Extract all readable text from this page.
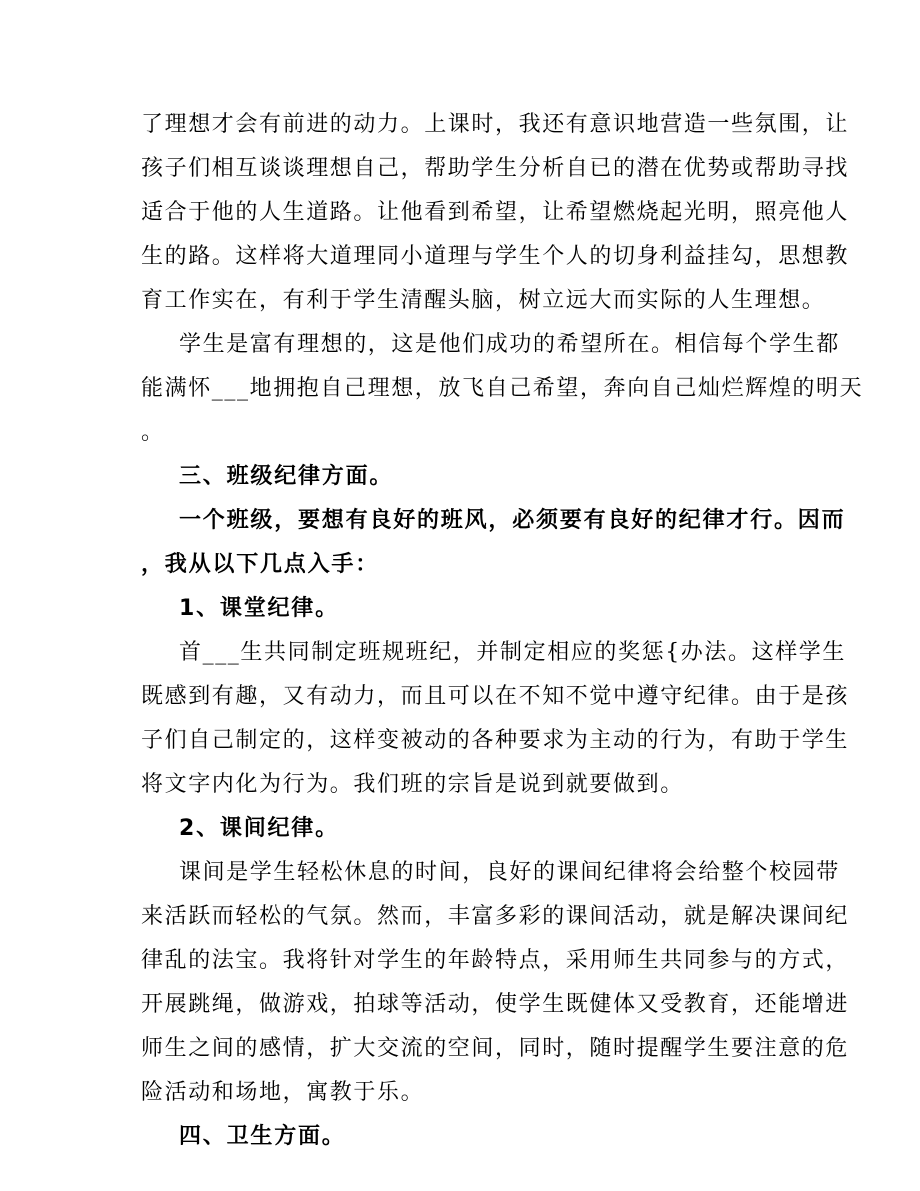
了理想才会有前进的动力。上课时，我还有意识地营造一些氛围，让

孩子们相互谈谈理想自己，帮助学生分析自已的潜在优势或帮助寻找

适合于他的人生道路。让他看到希望，让希望燃烧起光明，照亮他人

生的路。这样将大道理同小道理与学生个人的切身利益挂勾，思想教

育工作实在，有利于学生清醒头脑，树立远大而实际的人生理想。

学生是富有理想的，这是他们成功的希望所在。相信每个学生都

能满怀___地拥抱自己理想，放飞自己希望，奔向自己灿烂辉煌的明天

。

三、班级纪律方面。

一个班级，要想有良好的班风，必须要有良好的纪律才行。因而

，我从以下几点入手：

1、课堂纪律。

首___生共同制定班规班纪，并制定相应的奖惩{办法。这样学生

既感到有趣，又有动力，而且可以在不知不觉中遵守纪律。由于是孩

子们自己制定的，这样变被动的各种要求为主动的行为，有助于学生

将文字内化为行为。我们班的宗旨是说到就要做到。

2、课间纪律。

课间是学生轻松休息的时间，良好的课间纪律将会给整个校园带

来活跃而轻松的气氛。然而，丰富多彩的课间活动，就是解决课间纪

律乱的法宝。我将针对学生的年龄特点，采用师生共同参与的方式，

开展跳绳，做游戏，拍球等活动，使学生既健体又受教育，还能增进

师生之间的感情，扩大交流的空间，同时，随时提醒学生要注意的危

险活动和场地，寓教于乐。

四、卫生方面。
